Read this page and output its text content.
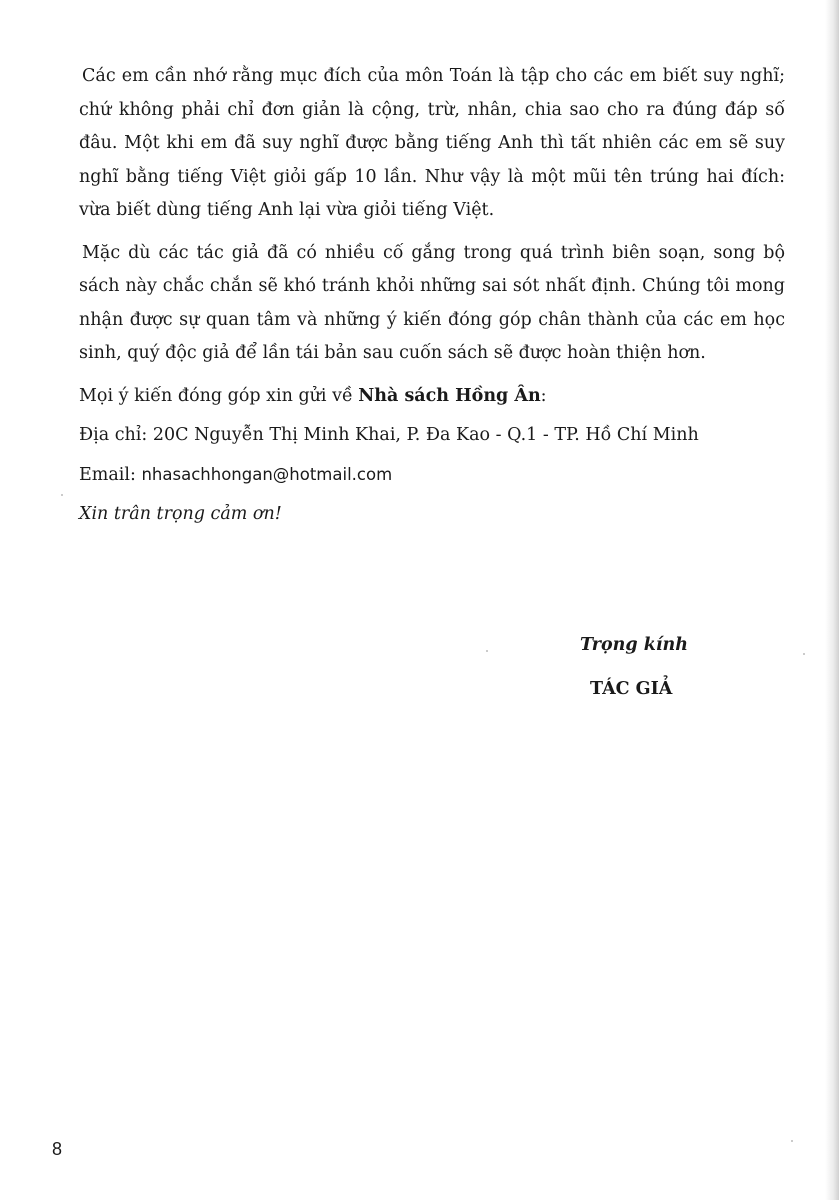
Các em cần nhớ rằng mục đích của môn Toán là tập cho các em biết suy nghĩ; chứ không phải chỉ đơn giản là cộng, trừ, nhân, chia sao cho ra đúng đáp số đâu. Một khi em đã suy nghĩ được bằng tiếng Anh thì tất nhiên các em sẽ suy nghĩ bằng tiếng Việt giỏi gấp 10 lần. Như vậy là một mũi tên trúng hai đích: vừa biết dùng tiếng Anh lại vừa giỏi tiếng Việt.

Mặc dù các tác giả đã có nhiều cố gắng trong quá trình biên soạn, song bộ sách này chắc chắn sẽ khó tránh khỏi những sai sót nhất định. Chúng tôi mong nhận được sự quan tâm và những ý kiến đóng góp chân thành của các em học sinh, quý độc giả để lần tái bản sau cuốn sách sẽ được hoàn thiện hơn.

Mọi ý kiến đóng góp xin gửi về Nhà sách Hồng Ân:
Địa chỉ: 20C Nguyễn Thị Minh Khai, P. Đa Kao - Q.1 - TP. Hồ Chí Minh
Email: nhasachhongan@hotmail.com
Xin trân trọng cảm ơn!
Trọng kính
TÁC GIẢ
8
